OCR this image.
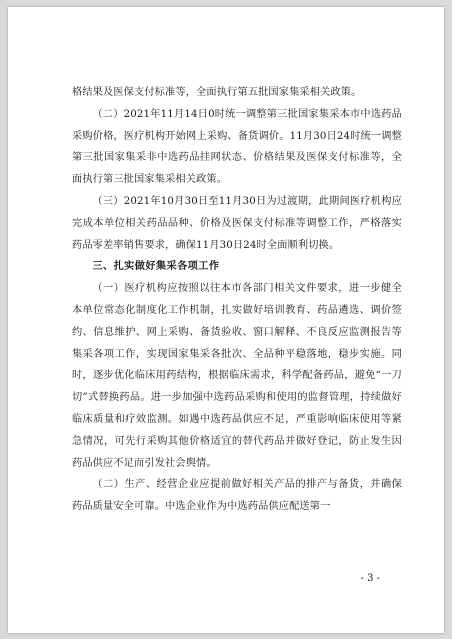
格结果及医保支付标准等，全面执行第五批国家集采相关政策。

（二）2021年11月14日0时统一调整第三批国家集采本市中选药品采购价格，医疗机构开始网上采购、备货调价。11月30日24时统一调整第三批国家集采非中选药品挂网状态、价格结果及医保支付标准等，全面执行第三批国家集采相关政策。

（三）2021年10月30日至11月30日为过渡期，此期间医疗机构应完成本单位相关药品品种、价格及医保支付标准等调整工作，严格落实药品零差率销售要求，确保11月30日24时全面顺利切换。

三、扎实做好集采各项工作

（一）医疗机构应按照以往本市各部门相关文件要求，进一步健全本单位常态化制度化工作机制，扎实做好培训教育、药品遴选、调价签约、信息维护、网上采购、备货验收、窗口解释、不良反应监测报告等集采各项工作，实现国家集采各批次、全品种平稳落地，稳步实施。同时，逐步优化临床用药结构，根据临床需求，科学配备药品，避免“一刀切”式替换药品。进一步加强中选药品采购和使用的监督管理，持续做好临床质量和疗效监测。如遇中选药品供应不足，严重影响临床使用等紧急情况，可先行采购其他价格适宜的替代药品并做好登记，防止发生因药品供应不足而引发社会舆情。

（二）生产、经营企业应提前做好相关产品的排产与备货，并确保药品质量安全可靠。中选企业作为中选药品供应配送第一

- 3 -
